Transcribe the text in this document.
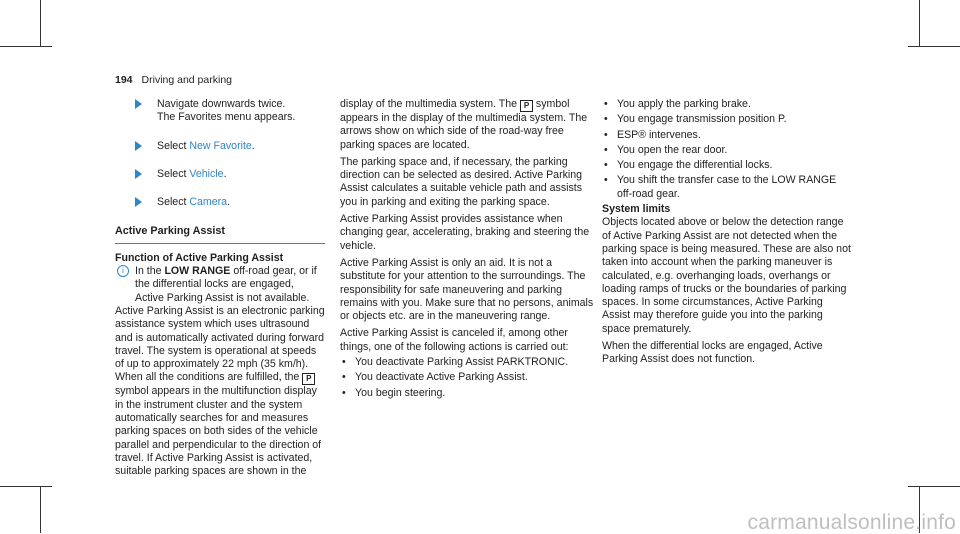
194 Driving and parking

Navigate downwards twice.

The Favorites menu appears.

Select New Favorite.

Select Vehicle.

Select Camera.

Active Parking Assist
Function of Active Parking Assist
i	In the LOW RANGE off-road gear, or if the differential locks are engaged, Active Parking Assist is not available.

Active Parking Assist is an electronic parking assistance system which uses ultrasound and is automatically activated during forward travel. The system is operational at speeds of up to approximately 22 mph (35 km/h). When all the conditions are fulfilled, the P symbol appears in the multifunction display in the instrument cluster and the system automatically searches for and measures parking spaces on both sides of the vehicle parallel and perpendicular to the direction of travel. If Active Parking Assist is activated, suitable parking spaces are shown in the

display of the multimedia system. The P symbol appears in the display of the multimedia system. The arrows show on which side of the road-way free parking spaces are located.

The parking space and, if necessary, the parking direction can be selected as desired. Active Parking Assist calculates a suitable vehicle path and assists you in parking and exiting the parking space.

Active Parking Assist provides assistance when changing gear, accelerating, braking and steering the vehicle.

Active Parking Assist is only an aid. It is not a substitute for your attention to the surroundings. The responsibility for safe maneuvering and parking remains with you. Make sure that no persons, animals or objects etc. are in the maneuvering range.

Active Parking Assist is canceled if, among other things, one of the following actions is carried out:

• You deactivate Parking Assist PARKTRONIC.
• You deactivate Active Parking Assist.
• You begin steering.
• You apply the parking brake.
• You engage transmission position P.
• ESP® intervenes.
• You open the rear door.
• You engage the differential locks.
• You shift the transfer case to the LOW RANGE off-road gear.
System limits

Objects located above or below the detection range of Active Parking Assist are not detected when the parking space is being measured. These are also not taken into account when the parking maneuver is calculated, e.g. overhanging loads, overhangs or loading ramps of trucks or the boundaries of parking spaces. In some circumstances, Active Parking Assist may therefore guide you into the parking space prematurely.

When the differential locks are engaged, Active Parking Assist does not function.

carmanualsonline.info
